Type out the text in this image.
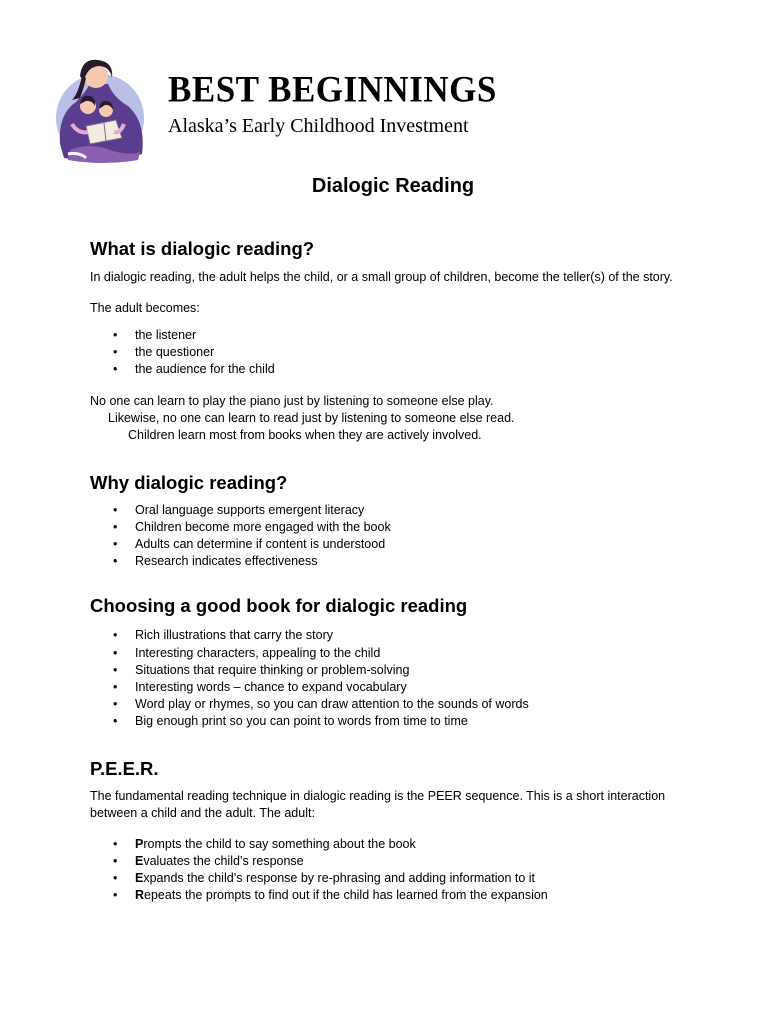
BEST BEGINNINGS
Alaska’s Early Childhood Investment
Dialogic Reading
What is dialogic reading?

In dialogic reading, the adult helps the child, or a small group of children, become the teller(s) of the story.

The adult becomes:

• the listener
• the questioner
• the audience for the child

No one can learn to play the piano just by listening to someone else play.

Likewise, no one can learn to read just by listening to someone else read.

Children learn most from books when they are actively involved.

Why dialogic reading?
• Oral language supports emergent literacy
• Children become more engaged with the book
• Adults can determine if content is understood
• Research indicates effectiveness
Choosing a good book for dialogic reading
• Rich illustrations that carry the story
• Interesting characters, appealing to the child
• Situations that require thinking or problem-solving
• Interesting words – chance to expand vocabulary
• Word play or rhymes, so you can draw attention to the sounds of words
• Big enough print so you can point to words from time to time
P.E.E.R.

The fundamental reading technique in dialogic reading is the PEER sequence. This is a short interaction between a child and the adult. The adult:

• Prompts the child to say something about the book
• Evaluates the child’s response
• Expands the child’s response by re-phrasing and adding information to it
• Repeats the prompts to find out if the child has learned from the expansion
